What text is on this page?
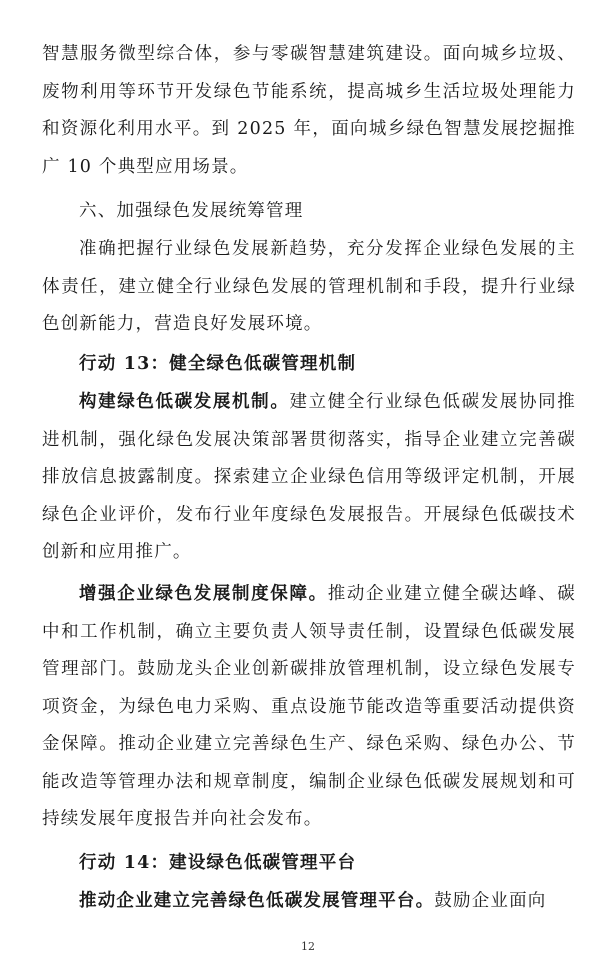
智慧服务微型综合体，参与零碳智慧建筑建设。面向城乡垃圾、废物利用等环节开发绿色节能系统，提高城乡生活垃圾处理能力和资源化利用水平。到 2025 年，面向城乡绿色智慧发展挖掘推广 10 个典型应用场景。

六、加强绿色发展统筹管理

准确把握行业绿色发展新趋势，充分发挥企业绿色发展的主体责任，建立健全行业绿色发展的管理机制和手段，提升行业绿色创新能力，营造良好发展环境。

行动 13：健全绿色低碳管理机制

构建绿色低碳发展机制。建立健全行业绿色低碳发展协同推进机制，强化绿色发展决策部署贯彻落实，指导企业建立完善碳排放信息披露制度。探索建立企业绿色信用等级评定机制，开展绿色企业评价，发布行业年度绿色发展报告。开展绿色低碳技术创新和应用推广。

增强企业绿色发展制度保障。推动企业建立健全碳达峰、碳中和工作机制，确立主要负责人领导责任制，设置绿色低碳发展管理部门。鼓励龙头企业创新碳排放管理机制，设立绿色发展专项资金，为绿色电力采购、重点设施节能改造等重要活动提供资金保障。推动企业建立完善绿色生产、绿色采购、绿色办公、节能改造等管理办法和规章制度，编制企业绿色低碳发展规划和可持续发展年度报告并向社会发布。

行动 14：建设绿色低碳管理平台

推动企业建立完善绿色低碳发展管理平台。鼓励企业面向

12
